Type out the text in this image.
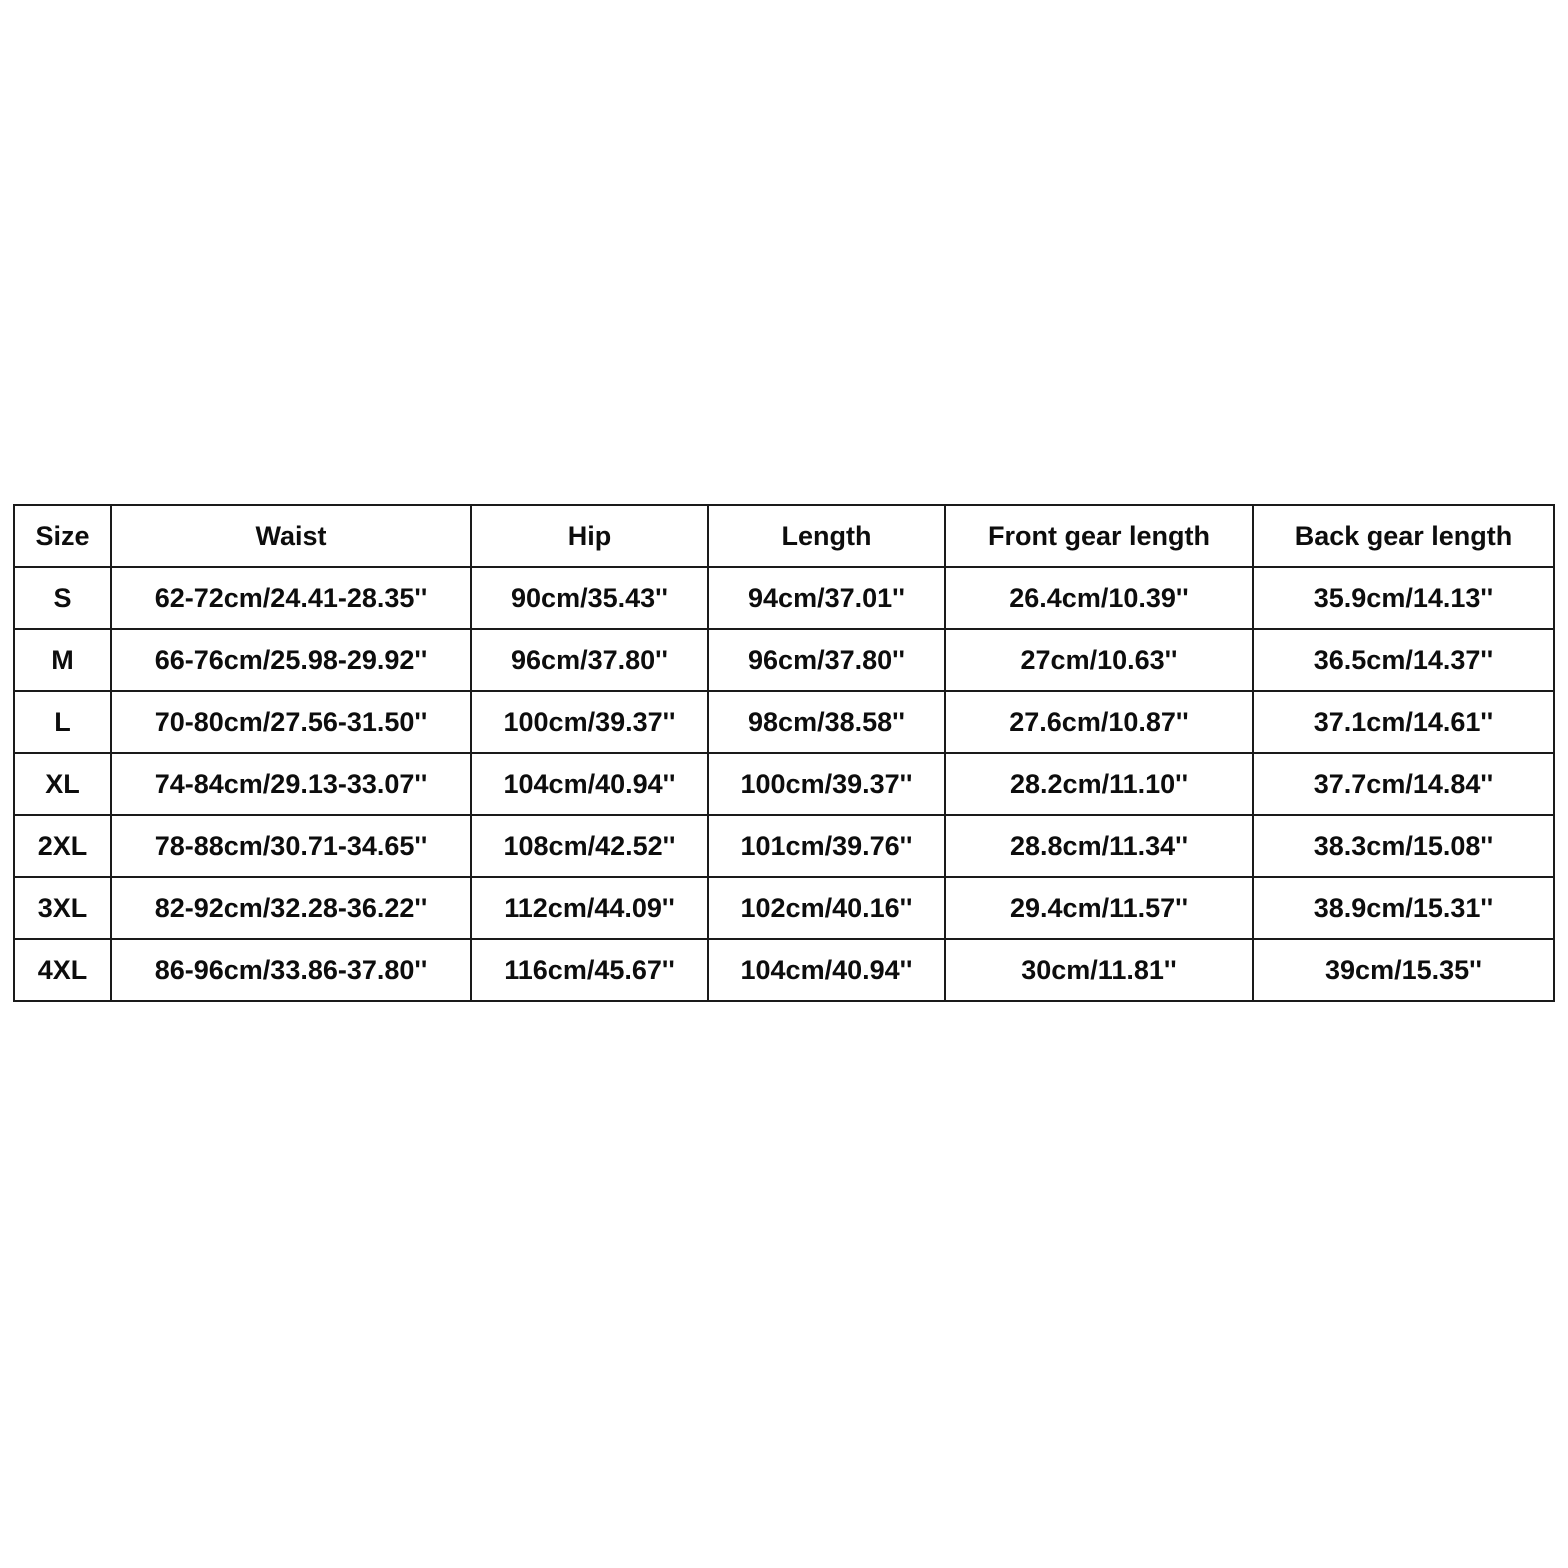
Size	Waist	Hip	Length	Front gear length	Back gear length
S	62-72cm/24.41-28.35''	90cm/35.43''	94cm/37.01''	26.4cm/10.39''	35.9cm/14.13''
M	66-76cm/25.98-29.92''	96cm/37.80''	96cm/37.80''	27cm/10.63''	36.5cm/14.37''
L	70-80cm/27.56-31.50''	100cm/39.37''	98cm/38.58''	27.6cm/10.87''	37.1cm/14.61''
XL	74-84cm/29.13-33.07''	104cm/40.94''	100cm/39.37''	28.2cm/11.10''	37.7cm/14.84''
2XL	78-88cm/30.71-34.65''	108cm/42.52''	101cm/39.76''	28.8cm/11.34''	38.3cm/15.08''
3XL	82-92cm/32.28-36.22''	112cm/44.09''	102cm/40.16''	29.4cm/11.57''	38.9cm/15.31''
4XL	86-96cm/33.86-37.80''	116cm/45.67''	104cm/40.94''	30cm/11.81''	39cm/15.35''
